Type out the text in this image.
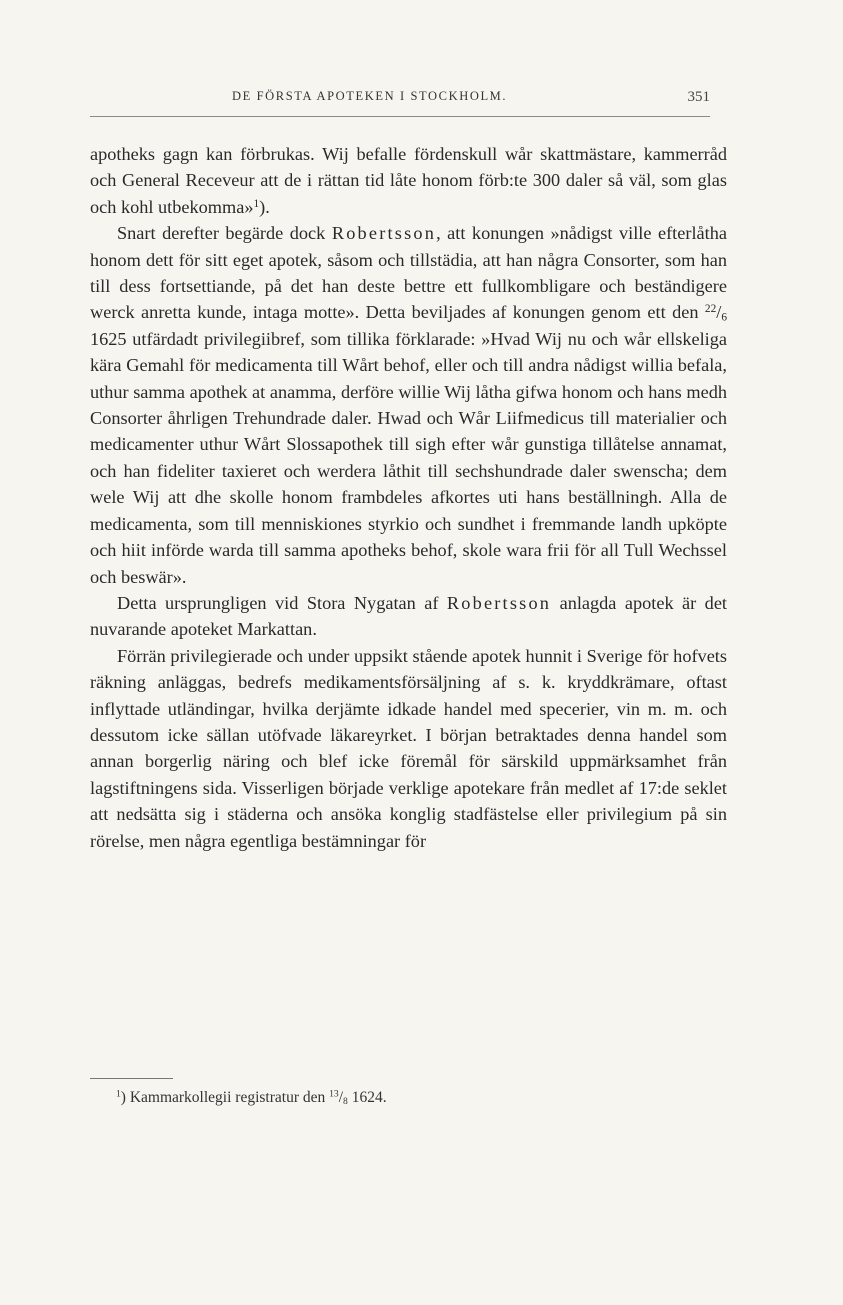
DE FÖRSTA APOTEKEN I STOCKHOLM.	351

apotheks gagn kan förbrukas. Wij befalle fördenskull wår skattmästare, kammerråd och General Receveur att de i rättan tid låte honom förb:te 300 daler så väl, som glas och kohl utbekomma»$^1$).

Snart derefter begärde dock Robertsson, att konungen »nådigst ville efterlåtha honom dett för sitt eget apotek, såsom och tillstädia, att han några Consorter, som han till dess fortsettiande, på det han deste bettre ett fullkombligare och beständigere werck anretta kunde, intaga motte». Detta beviljades af konungen genom ett den $^{22}/_6$ 1625 utfärdadt privilegiibref, som tillika förklarade: »Hvad Wij nu och wår ellskeliga kära Gemahl för medicamenta till Wårt behof, eller och till andra nådigst willia befala, uthur samma apothek at anamma, derföre willie Wij låtha gifwa honom och hans medh Consorter åhrligen Trehundrade daler. Hwad och Wår Liifmedicus till materialier och medicamenter uthur Wårt Slossapothek till sigh efter wår gunstiga tillåtelse annamat, och han fideliter taxieret och werdera låthit till sechshundrade daler swenscha; dem wele Wij att dhe skolle honom frambdeles afkortes uti hans beställningh. Alla de medicamenta, som till menniskiones styrkio och sundhet i fremmande landh upköpte och hiit införde warda till samma apotheks behof, skole wara frii för all Tull Wechssel och beswär».

Detta ursprungligen vid Stora Nygatan af Robertsson anlagda apotek är det nuvarande apoteket Markattan.

Förrän privilegierade och under uppsikt stående apotek hunnit i Sverige för hofvets räkning anläggas, bedrefs medikamentsförsäljning af s. k. kryddkrämare, oftast inflyttade utländingar, hvilka derjämte idkade handel med specerier, vin m. m. och dessutom icke sällan utöfvade läkareyrket. I början betraktades denna handel som annan borgerlig näring och blef icke föremål för särskild uppmärksamhet från lagstiftningens sida. Visserligen började verklige apotekare från medlet af 17:de seklet att nedsätta sig i städerna och ansöka konglig stadfästelse eller privilegium på sin rörelse, men några egentliga bestämningar för

$^1$) Kammarkollegii registratur den $^{13}/_8$ 1624.
